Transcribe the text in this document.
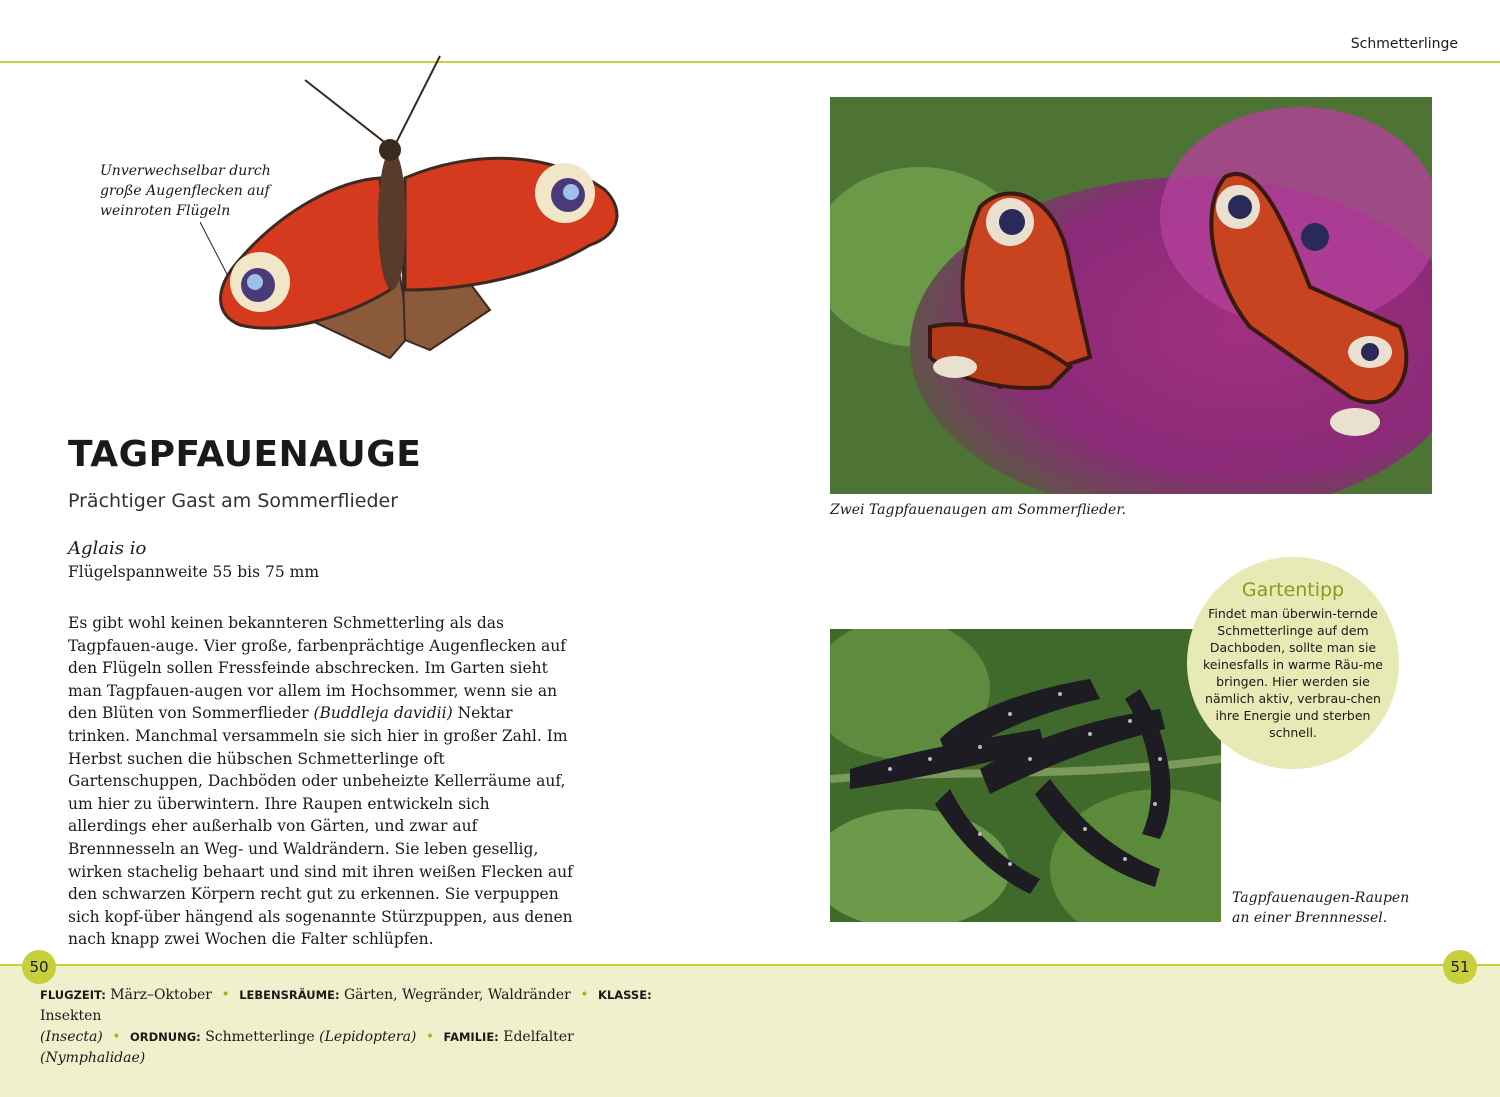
Schmetterlinge
Unverwechselbar durch große Augenflecken auf weinroten Flügeln
TAGPFAUENAUGE
Prächtiger Gast am Sommerflieder
Aglais io
Flügelspannweite 55 bis 75 mm

Es gibt wohl keinen bekannteren Schmetterling als das Tagpfauen-auge. Vier große, farbenprächtige Augenflecken auf den Flügeln sollen Fressfeinde abschrecken. Im Garten sieht man Tagpfauen-augen vor allem im Hochsommer, wenn sie an den Blüten von Sommerflieder (Buddleja davidii) Nektar trinken. Manchmal versammeln sie sich hier in großer Zahl. Im Herbst suchen die hübschen Schmetterlinge oft Gartenschuppen, Dachböden oder unbeheizte Kellerräume auf, um hier zu überwintern. Ihre Raupen entwickeln sich allerdings eher außerhalb von Gärten, und zwar auf Brennnesseln an Weg- und Waldrändern. Sie leben gesellig, wirken stachelig behaart und sind mit ihren weißen Flecken auf den schwarzen Körpern recht gut zu erkennen. Sie verpuppen sich kopf-über hängend als sogenannte Stürzpuppen, aus denen nach knapp zwei Wochen die Falter schlüpfen.

Zwei Tagpfauenaugen am Sommerflieder.
Tagpfauenaugen-Raupen
an einer Brennnessel.
Gartentipp
Findet man überwin-ternde Schmetterlinge auf dem Dachboden, sollte man sie keinesfalls in warme Räu-me bringen. Hier werden sie nämlich aktiv, verbrau-chen ihre Energie und sterben schnell.
50	51
FLUGZEIT: März–Oktober • LEBENSRÄUME: Gärten, Wegränder, Waldränder • KLASSE: Insekten
(Insecta) • ORDNUNG: Schmetterlinge (Lepidoptera) • FAMILIE: Edelfalter (Nymphalidae)
